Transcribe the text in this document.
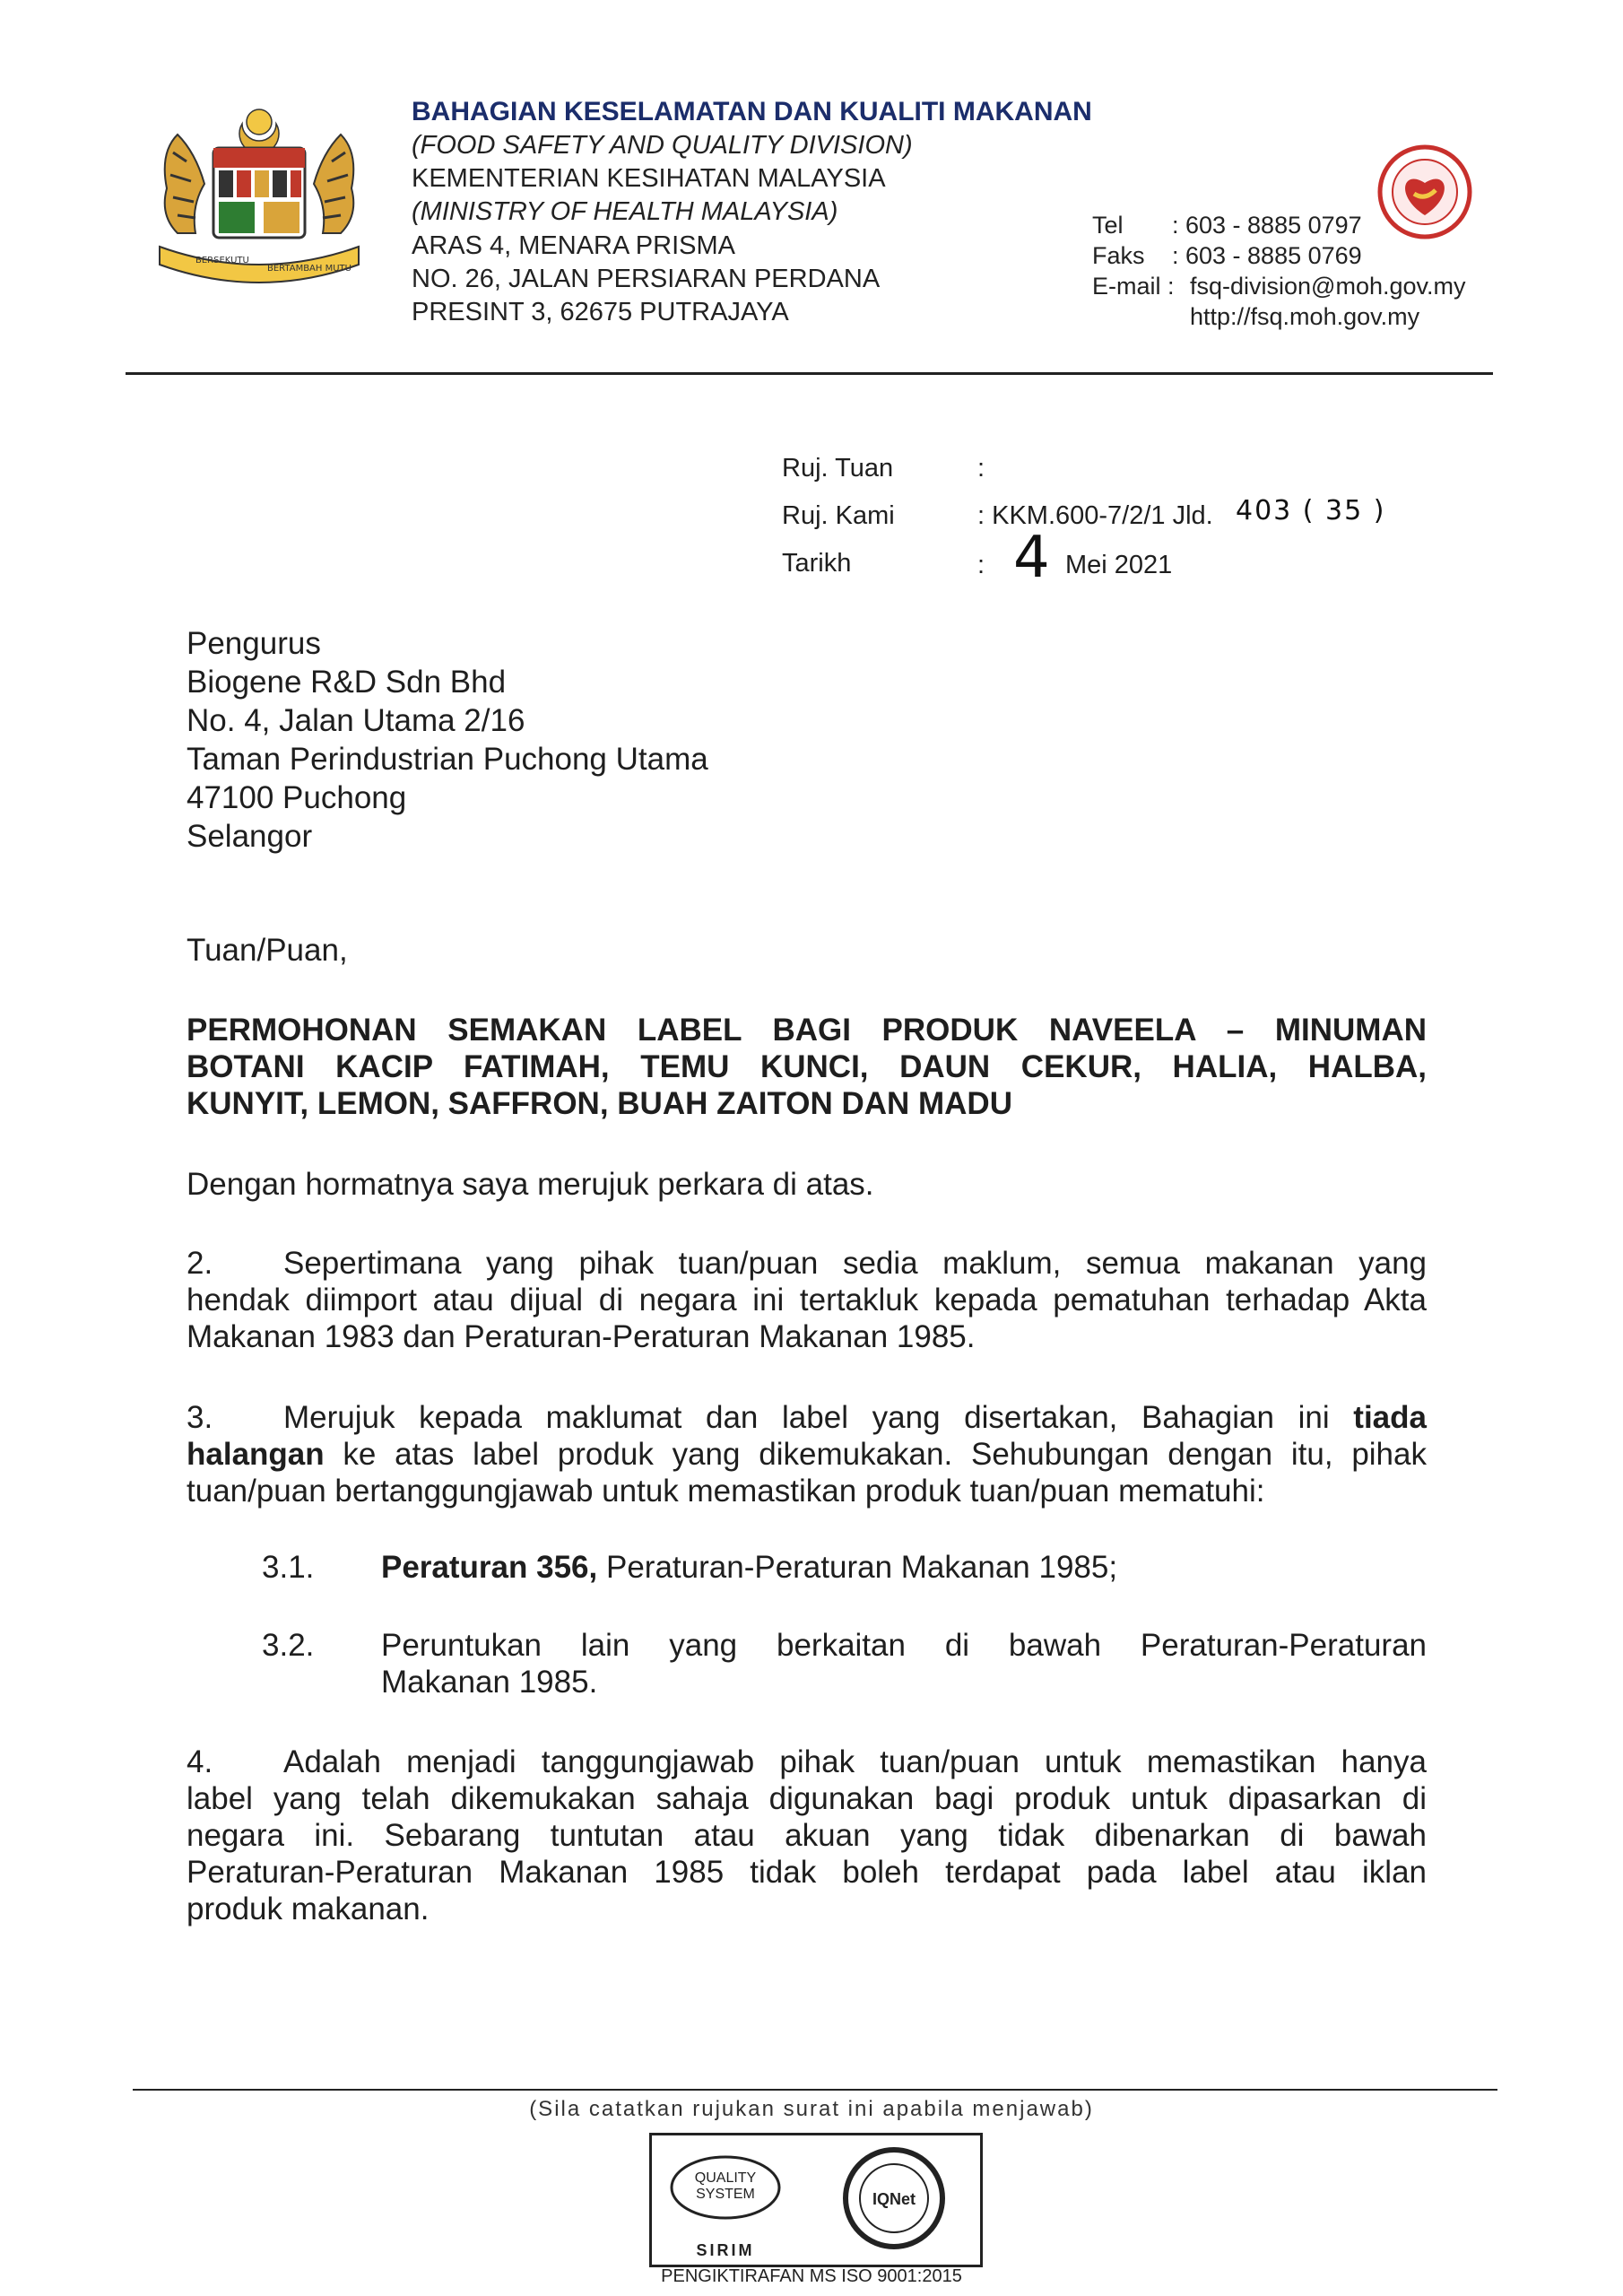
BERSEKUTU
BERTAMBAH MUTU
BAHAGIAN KESELAMATAN DAN KUALITI MAKANAN
(FOOD SAFETY AND QUALITY DIVISION)
KEMENTERIAN KESIHATAN MALAYSIA
(MINISTRY OF HEALTH MALAYSIA)
ARAS 4, MENARA PRISMA
NO. 26, JALAN PERSIARAN PERDANA
PRESINT 3, 62675 PUTRAJAYA
Tel : 603 - 8885 0797
Faks : 603 - 8885 0769
E-mail : fsq-division@moh.gov.my
http://fsq.moh.gov.my
Ruj. Tuan	:
Ruj. Kami	: KKM.600-7/2/1 Jld. 403 ( 35 )
Tarikh	: 4 Mei 2021
Pengurus
Biogene R&D Sdn Bhd
No. 4, Jalan Utama 2/16
Taman Perindustrian Puchong Utama
47100 Puchong
Selangor
Tuan/Puan,
PERMOHONAN SEMAKAN LABEL BAGI PRODUK NAVEELA – MINUMAN
BOTANI KACIP FATIMAH, TEMU KUNCI, DAUN CEKUR, HALIA, HALBA,
KUNYIT, LEMON, SAFFRON, BUAH ZAITON DAN MADU
Dengan hormatnya saya merujuk perkara di atas.
2. Sepertimana yang pihak tuan/puan sedia maklum, semua makanan yang
hendak diimport atau dijual di negara ini tertakluk kepada pematuhan terhadap Akta
Makanan 1983 dan Peraturan-Peraturan Makanan 1985.
3. Merujuk kepada maklumat dan label yang disertakan, Bahagian ini tiada
halangan ke atas label produk yang dikemukakan. Sehubungan dengan itu, pihak
tuan/puan bertanggungjawab untuk memastikan produk tuan/puan mematuhi:
3.1. Peraturan 356, Peraturan-Peraturan Makanan 1985;
3.2. Peruntukan lain yang berkaitan di bawah Peraturan-Peraturan
Makanan 1985.
4. Adalah menjadi tanggungjawab pihak tuan/puan untuk memastikan hanya
label yang telah dikemukakan sahaja digunakan bagi produk untuk dipasarkan di
negara ini. Sebarang tuntutan atau akuan yang tidak dibenarkan di bawah
Peraturan-Peraturan Makanan 1985 tidak boleh terdapat pada label atau iklan
produk makanan.
(Sila catatkan rujukan surat ini apabila menjawab)
QUALITY
SYSTEM
SIRIM
IQNet
PENGIKTIRAFAN MS ISO 9001:2015
